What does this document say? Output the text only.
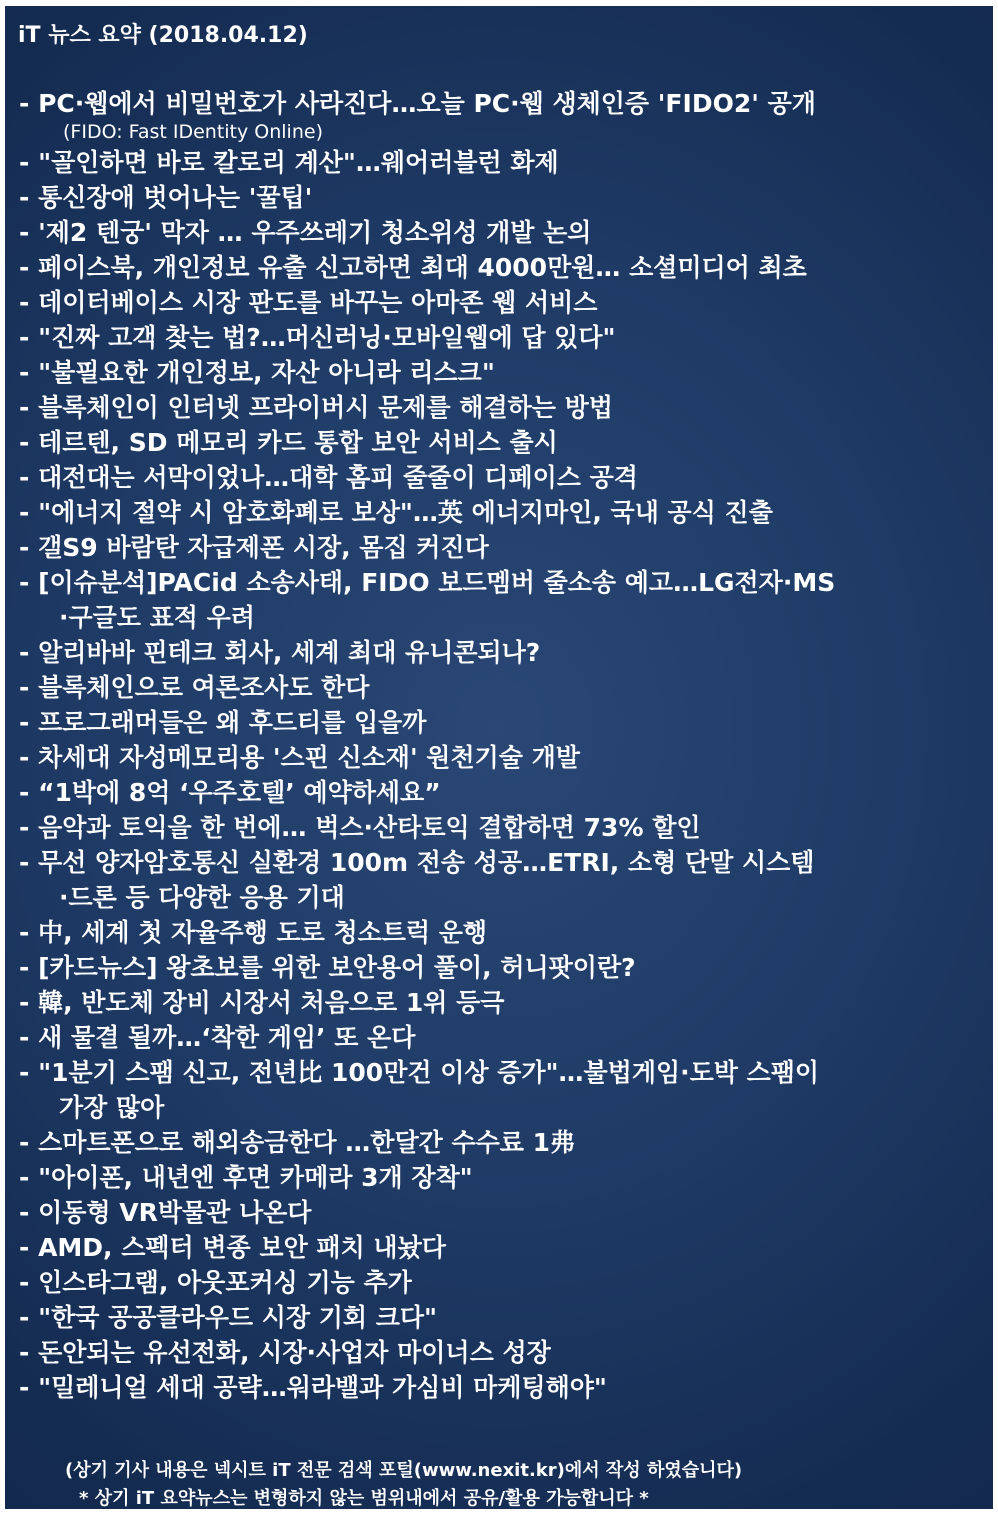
iT 뉴스 요약 (2018.04.12)
- PC·웹에서 비밀번호가 사라진다…오늘 PC·웹 생체인증 'FIDO2' 공개
(FIDO: Fast IDentity Online)
- "골인하면 바로 칼로리 계산"…웨어러블런 화제
- 통신장애 벗어나는 '꿀팁'
- '제2 텐궁' 막자 … 우주쓰레기 청소위성 개발 논의
- 페이스북, 개인정보 유출 신고하면 최대 4000만원… 소셜미디어 최초
- 데이터베이스 시장 판도를 바꾸는 아마존 웹 서비스
- "진짜 고객 찾는 법?…머신러닝·모바일웹에 답 있다"
- "불필요한 개인정보, 자산 아니라 리스크"
- 블록체인이 인터넷 프라이버시 문제를 해결하는 방법
- 테르텐, SD 메모리 카드 통합 보안 서비스 출시
- 대전대는 서막이었나…대학 홈피 줄줄이 디페이스 공격
- "에너지 절약 시 암호화폐로 보상"…英 에너지마인, 국내 공식 진출
- 갤S9 바람탄 자급제폰 시장, 몸집 커진다
- [이슈분석]PACid 소송사태, FIDO 보드멤버 줄소송 예고…LG전자·MS
·구글도 표적 우려
- 알리바바 핀테크 회사, 세계 최대 유니콘되나?
- 블록체인으로 여론조사도 한다
- 프로그래머들은 왜 후드티를 입을까
- 차세대 자성메모리용 '스핀 신소재' 원천기술 개발
- “1박에 8억 ‘우주호텔’ 예약하세요”
- 음악과 토익을 한 번에… 벅스·산타토익 결합하면 73% 할인
- 무선 양자암호통신 실환경 100m 전송 성공…ETRI, 소형 단말 시스템
·드론 등 다양한 응용 기대
- 中, 세계 첫 자율주행 도로 청소트럭 운행
- [카드뉴스] 왕초보를 위한 보안용어 풀이, 허니팟이란?
- 韓, 반도체 장비 시장서 처음으로 1위 등극
- 새 물결 될까…‘착한 게임’ 또 온다
- "1분기 스팸 신고, 전년比 100만건 이상 증가"…불법게임·도박 스팸이
가장 많아
- 스마트폰으로 해외송금한다 …한달간 수수료 1弗
- "아이폰, 내년엔 후면 카메라 3개 장착"
- 이동형 VR박물관 나온다
- AMD, 스펙터 변종 보안 패치 내놨다
- 인스타그램, 아웃포커싱 기능 추가
- "한국 공공클라우드 시장 기회 크다"
- 돈안되는 유선전화, 시장·사업자 마이너스 성장
- "밀레니얼 세대 공략…워라밸과 가심비 마케팅해야"
(상기 기사 내용은 넥시트 iT 전문 검색 포털(www.nexit.kr)에서 작성 하였습니다)
* 상기 iT 요약뉴스는 변형하지 않는 범위내에서 공유/활용 가능합니다 *
